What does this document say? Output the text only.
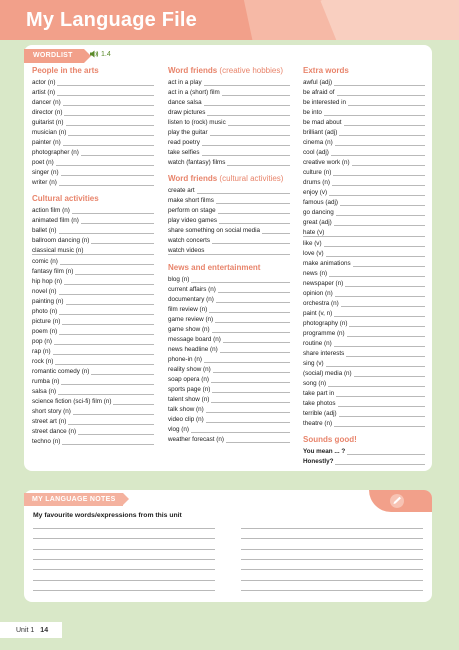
My Language File
WORDLIST	1.4
People in the arts
actor (n)
artist (n)
dancer (n)
director (n)
guitarist (n)
musician (n)
painter (n)
photographer (n)
poet (n)
singer (n)
writer (n)
Cultural activities
action film (n)
animated film (n)
ballet (n)
ballroom dancing (n)
classical music (n)
comic (n)
fantasy film (n)
hip hop (n)
novel (n)
painting (n)
photo (n)
picture (n)
poem (n)
pop (n)
rap (n)
rock (n)
romantic comedy (n)
rumba (n)
salsa (n)
science fiction (sci-fi) film (n)
short story (n)
street art (n)
street dance (n)
techno (n)
Word friends (creative hobbies)
act in a play
act in a (short) film
dance salsa
draw pictures
listen to (rock) music
play the guitar
read poetry
take selfies
watch (fantasy) films
Word friends (cultural activities)
create art
make short films
perform on stage
play video games
share something on social media
watch concerts
watch videos
News and entertainment
blog (n)
current affairs (n)
documentary (n)
film review (n)
game review (n)
game show (n)
message board (n)
news headline (n)
phone-in (n)
reality show (n)
soap opera (n)
sports page (n)
talent show (n)
talk show (n)
video clip (n)
vlog (n)
weather forecast (n)
Extra words
awful (adj)
be afraid of
be interested in
be into
be mad about
brilliant (adj)
cinema (n)
cool (adj)
creative work (n)
culture (n)
drums (n)
enjoy (v)
famous (adj)
go dancing
great (adj)
hate (v)
like (v)
love (v)
make animations
news (n)
newspaper (n)
opinion (n)
orchestra (n)
paint (v, n)
photography (n)
programme (n)
routine (n)
share interests
sing (v)
(social) media (n)
song (n)
take part in
take photos
terrible (adj)
theatre (n)
Sounds good!
You mean ... ?
Honestly?
MY LANGUAGE NOTES
My favourite words/expressions from this unit
Unit 1 14
